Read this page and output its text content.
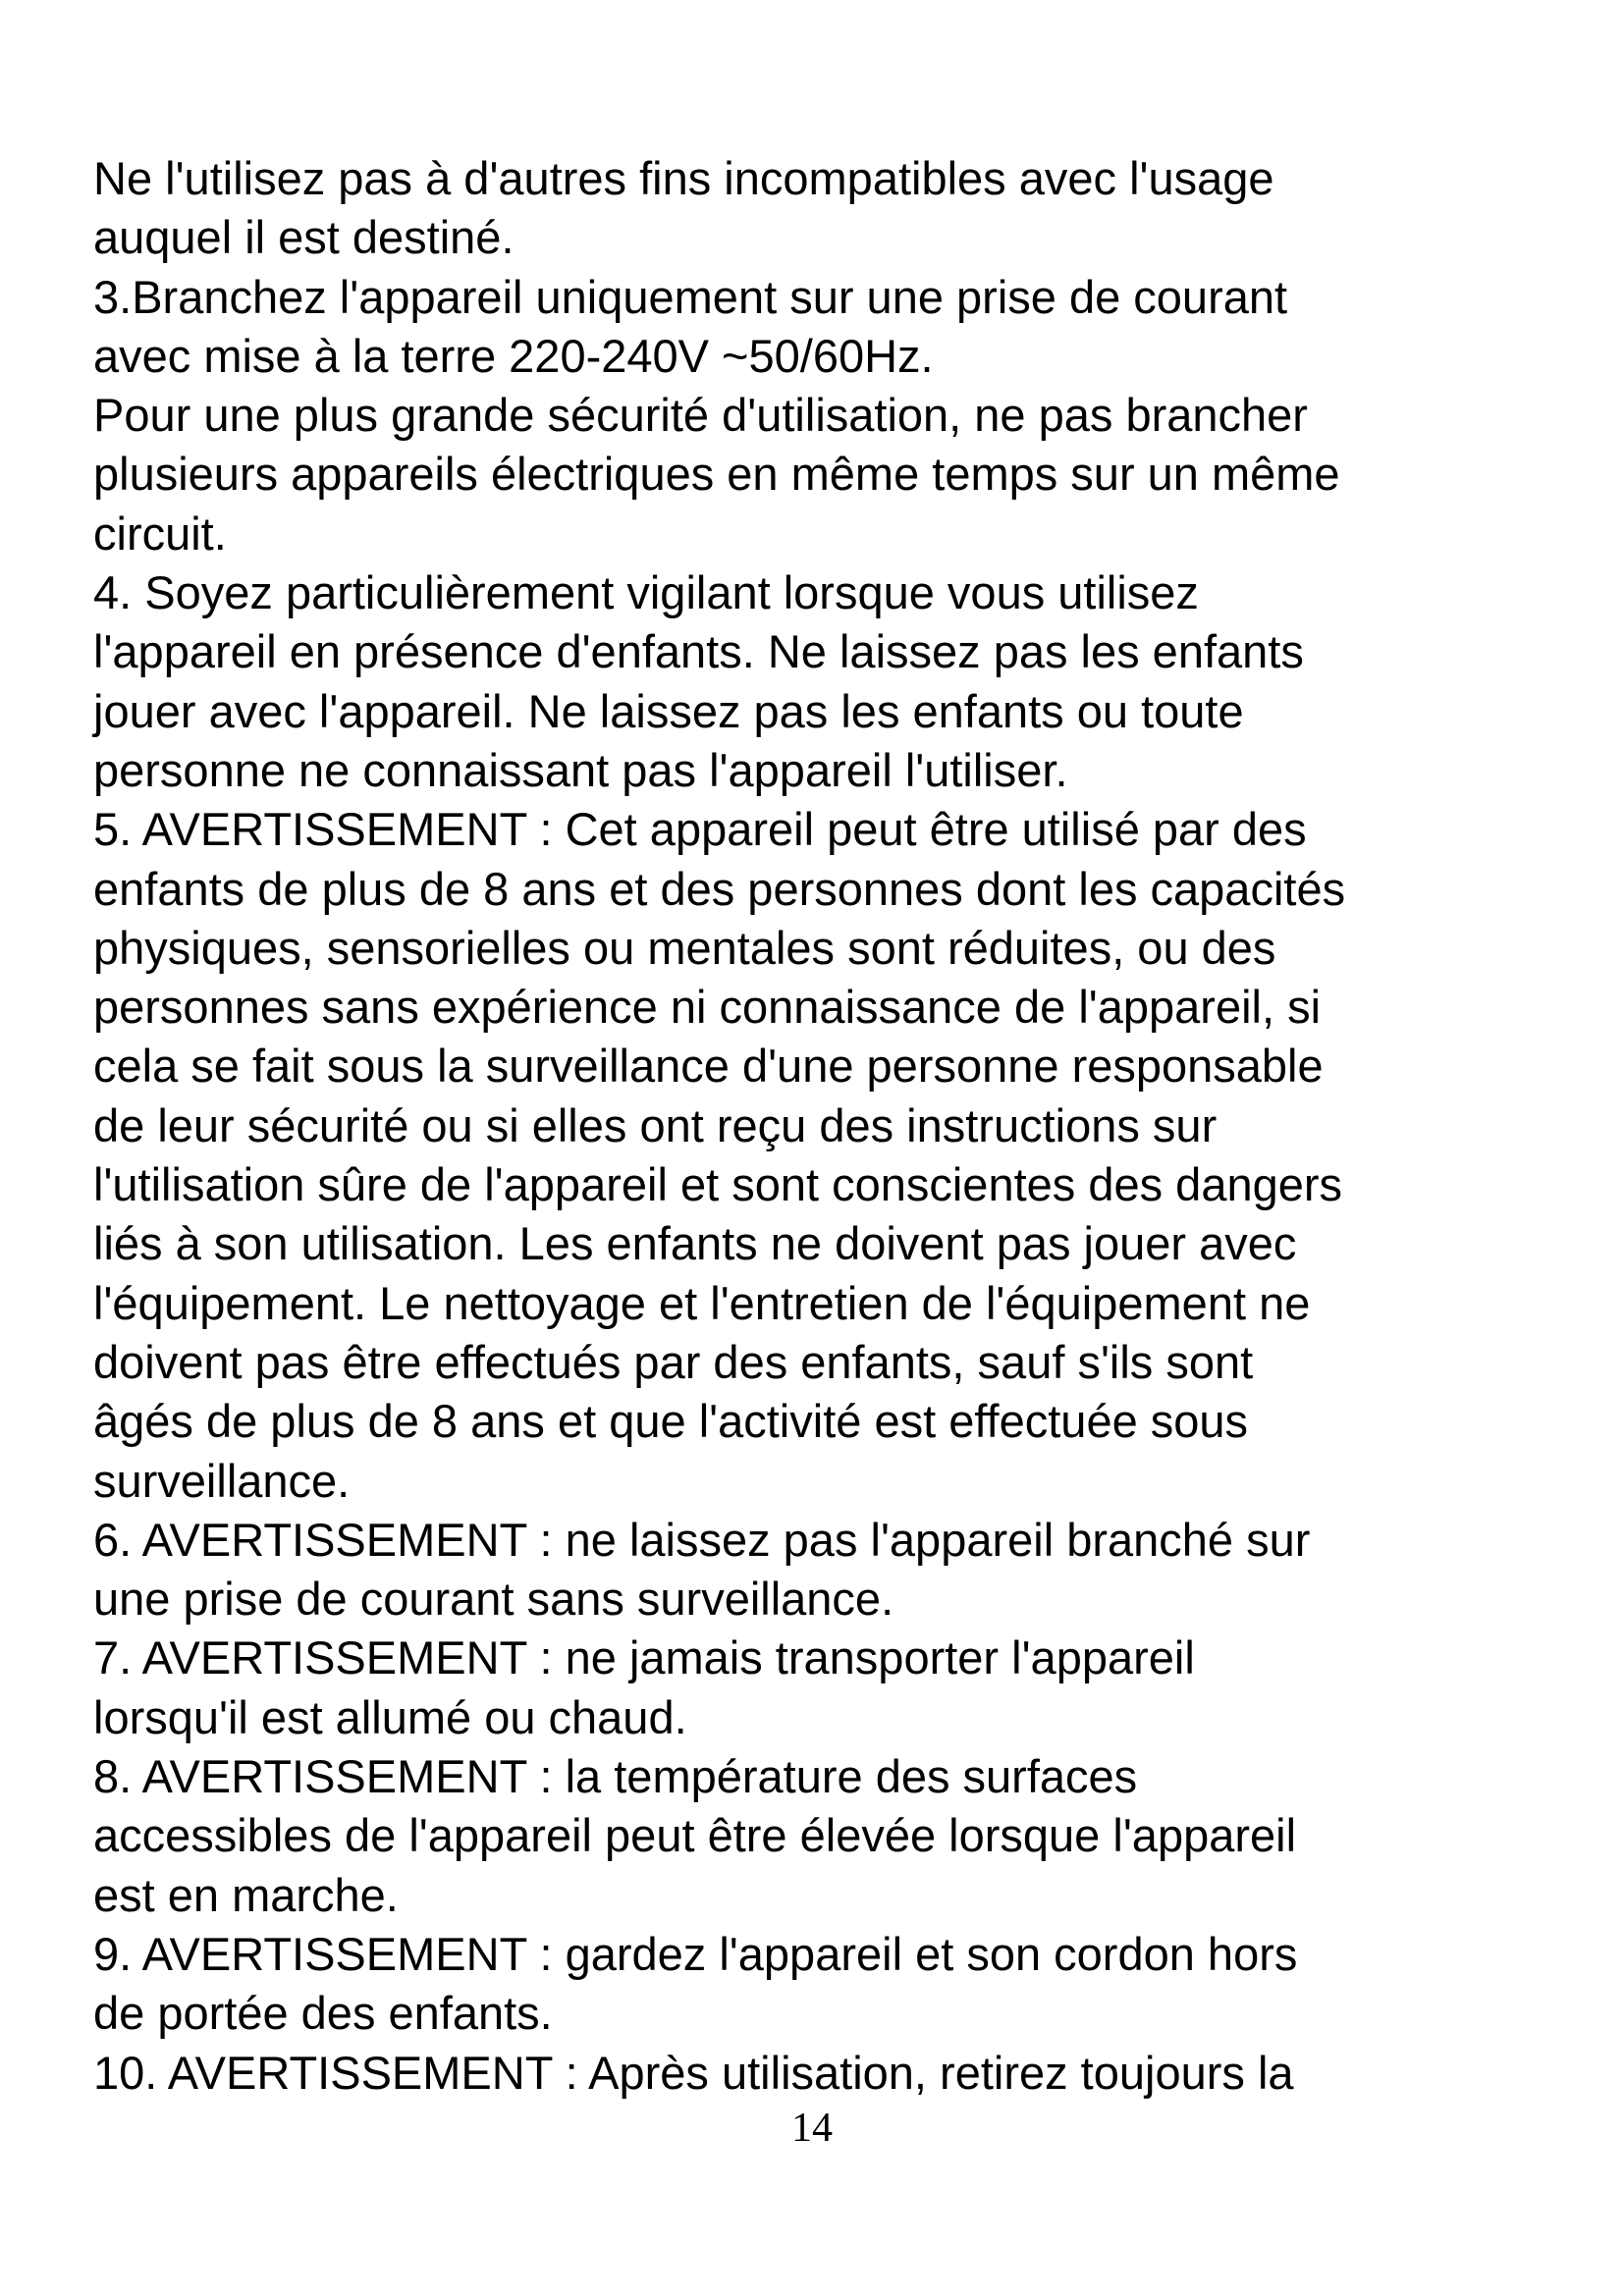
Ne l'utilisez pas à d'autres fins incompatibles avec l'usage

auquel il est destiné.

3.Branchez l'appareil uniquement sur une prise de courant

avec mise à la terre 220-240V ~50/60Hz.

Pour une plus grande sécurité d'utilisation, ne pas brancher

plusieurs appareils électriques en même temps sur un même

circuit.

4. Soyez particulièrement vigilant lorsque vous utilisez

l'appareil en présence d'enfants. Ne laissez pas les enfants

jouer avec l'appareil. Ne laissez pas les enfants ou toute

personne ne connaissant pas l'appareil l'utiliser.

5. AVERTISSEMENT : Cet appareil peut être utilisé par des

enfants de plus de 8 ans et des personnes dont les capacités

physiques, sensorielles ou mentales sont réduites, ou des

personnes sans expérience ni connaissance de l'appareil, si

cela se fait sous la surveillance d'une personne responsable

de leur sécurité ou si elles ont reçu des instructions sur

l'utilisation sûre de l'appareil et sont conscientes des dangers

liés à son utilisation. Les enfants ne doivent pas jouer avec

l'équipement. Le nettoyage et l'entretien de l'équipement ne

doivent pas être effectués par des enfants, sauf s'ils sont

âgés de plus de 8 ans et que l'activité est effectuée sous

surveillance.

6. AVERTISSEMENT : ne laissez pas l'appareil branché sur

une prise de courant sans surveillance.

7. AVERTISSEMENT : ne jamais transporter l'appareil

lorsqu'il est allumé ou chaud.

8. AVERTISSEMENT : la température des surfaces

accessibles de l'appareil peut être élevée lorsque l'appareil

est en marche.

9. AVERTISSEMENT : gardez l'appareil et son cordon hors

de portée des enfants.

10. AVERTISSEMENT : Après utilisation, retirez toujours la

14
